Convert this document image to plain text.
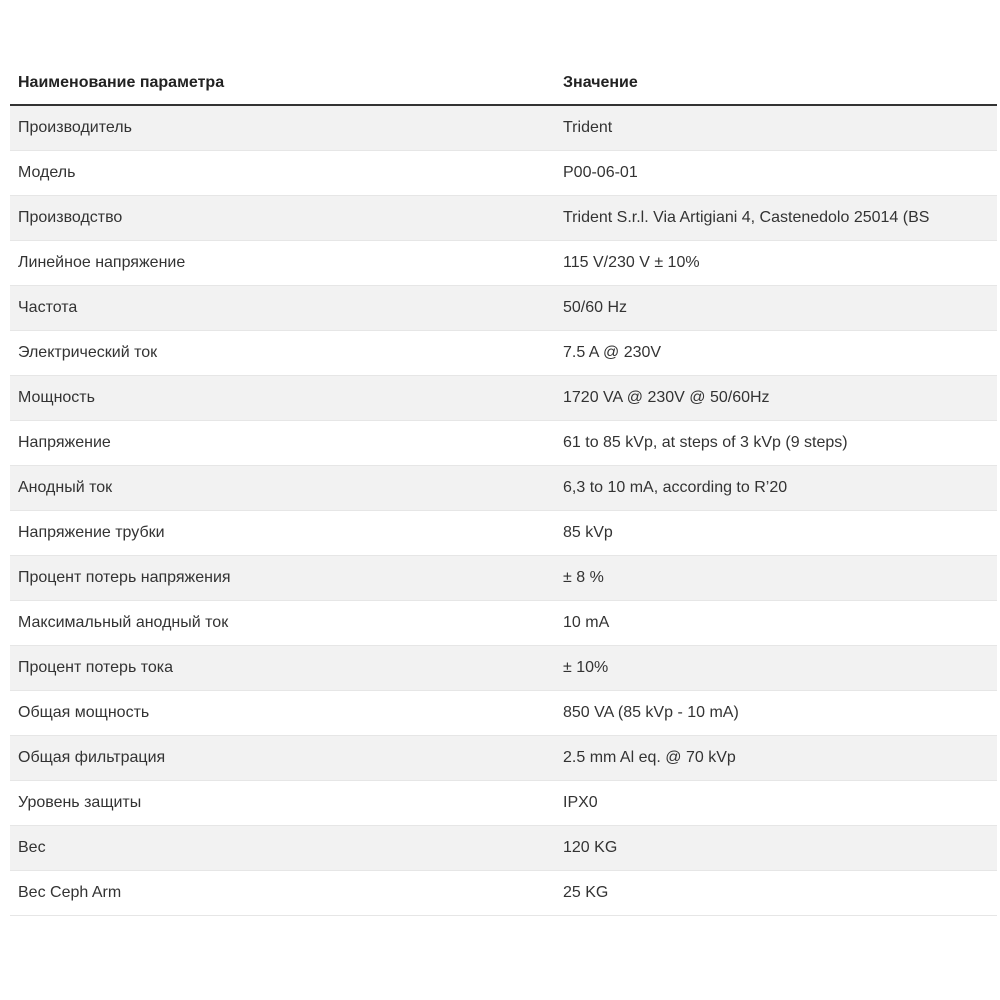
Наименование параметра	Значение
Производитель	Trident
Модель	P00-06-01
Производство	Trident S.r.l. Via Artigiani 4, Castenedolo 25014 (BS
Линейное напряжение	115 V/230 V ± 10%
Частота	50/60 Hz
Электрический ток	7.5 A @ 230V
Мощность	1720 VA @ 230V @ 50/60Hz
Напряжение	61 to 85 kVp, at steps of 3 kVp (9 steps)
Анодный ток	6,3 to 10 mA, according to R’20
Напряжение трубки	85 kVp
Процент потерь напряжения	± 8 %
Максимальный анодный ток	10 mA
Процент потерь тока	± 10%
Общая мощность	850 VA (85 kVp - 10 mA)
Общая фильтрация	2.5 mm Al eq. @ 70 kVp
Уровень защиты	IPX0
Вес	120 KG
Вес Ceph Arm	25 KG
